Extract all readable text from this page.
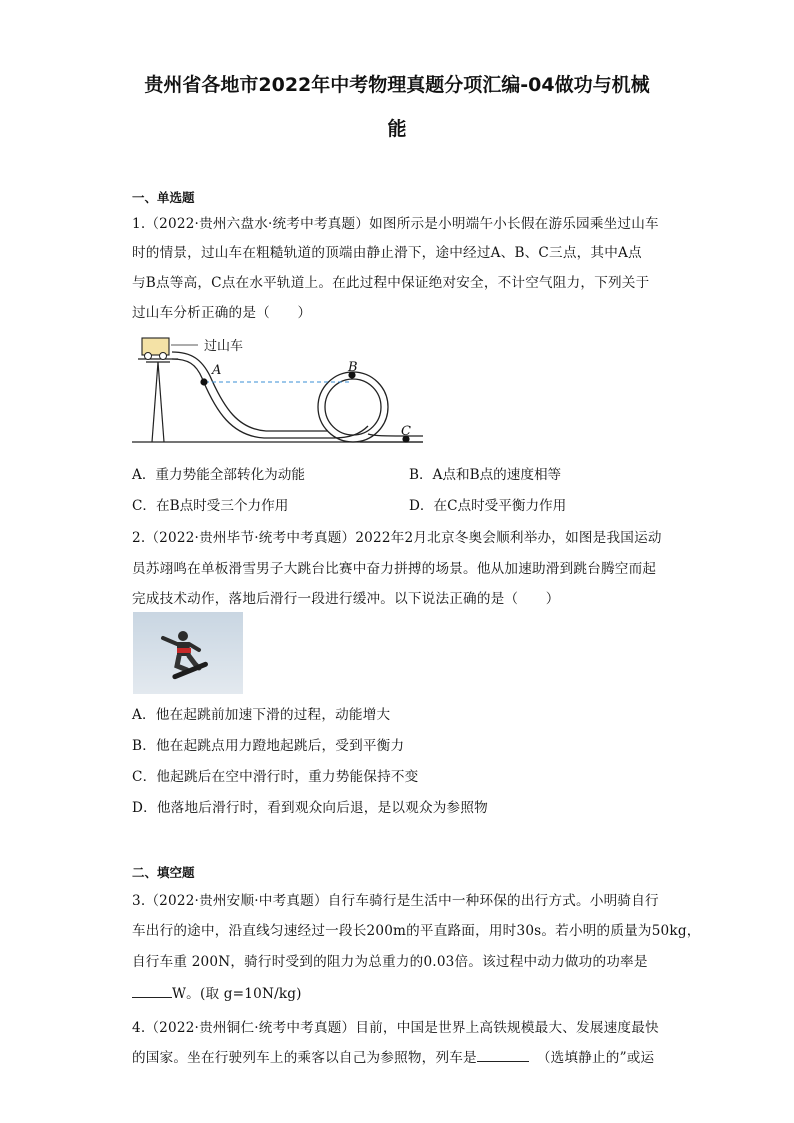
贵州省各地市2022年中考物理真题分项汇编-04做功与机械
能
一、单选题
1.（2022·贵州六盘水·统考中考真题）如图所示是小明端午小长假在游乐园乘坐过山车
时的情景，过山车在粗糙轨道的顶端由静止滑下，途中经过A、B、C三点，其中A点
与B点等高，C点在水平轨道上。在此过程中保证绝对安全，不计空气阻力，下列关于
过山车分析正确的是（　　）
过山车
A	B
C
A．重力势能全部转化为动能	B．A点和B点的速度相等
C．在B点时受三个力作用	D．在C点时受平衡力作用
2.（2022·贵州毕节·统考中考真题）2022年2月北京冬奥会顺利举办，如图是我国运动
员苏翊鸣在单板滑雪男子大跳台比赛中奋力拼搏的场景。他从加速助滑到跳台腾空而起
完成技术动作，落地后滑行一段进行缓冲。以下说法正确的是（　　）
A．他在起跳前加速下滑的过程，动能增大
B．他在起跳点用力蹬地起跳后，受到平衡力
C．他起跳后在空中滑行时，重力势能保持不变
D．他落地后滑行时，看到观众向后退，是以观众为参照物
二、填空题
3.（2022·贵州安顺·中考真题）自行车骑行是生活中一种环保的出行方式。小明骑自行
车出行的途中，沿直线匀速经过一段长200m的平直路面，用时30s。若小明的质量为50kg，
自行车重 200N，骑行时受到的阻力为总重力的0.03倍。该过程中动力做功的功率是
W。(取 g=10N/kg)
4.（2022·贵州铜仁·统考中考真题）目前，中国是世界上高铁规模最大、发展速度最快
的国家。坐在行驶列车上的乘客以自己为参照物，列车是	（选填静止的”或运
